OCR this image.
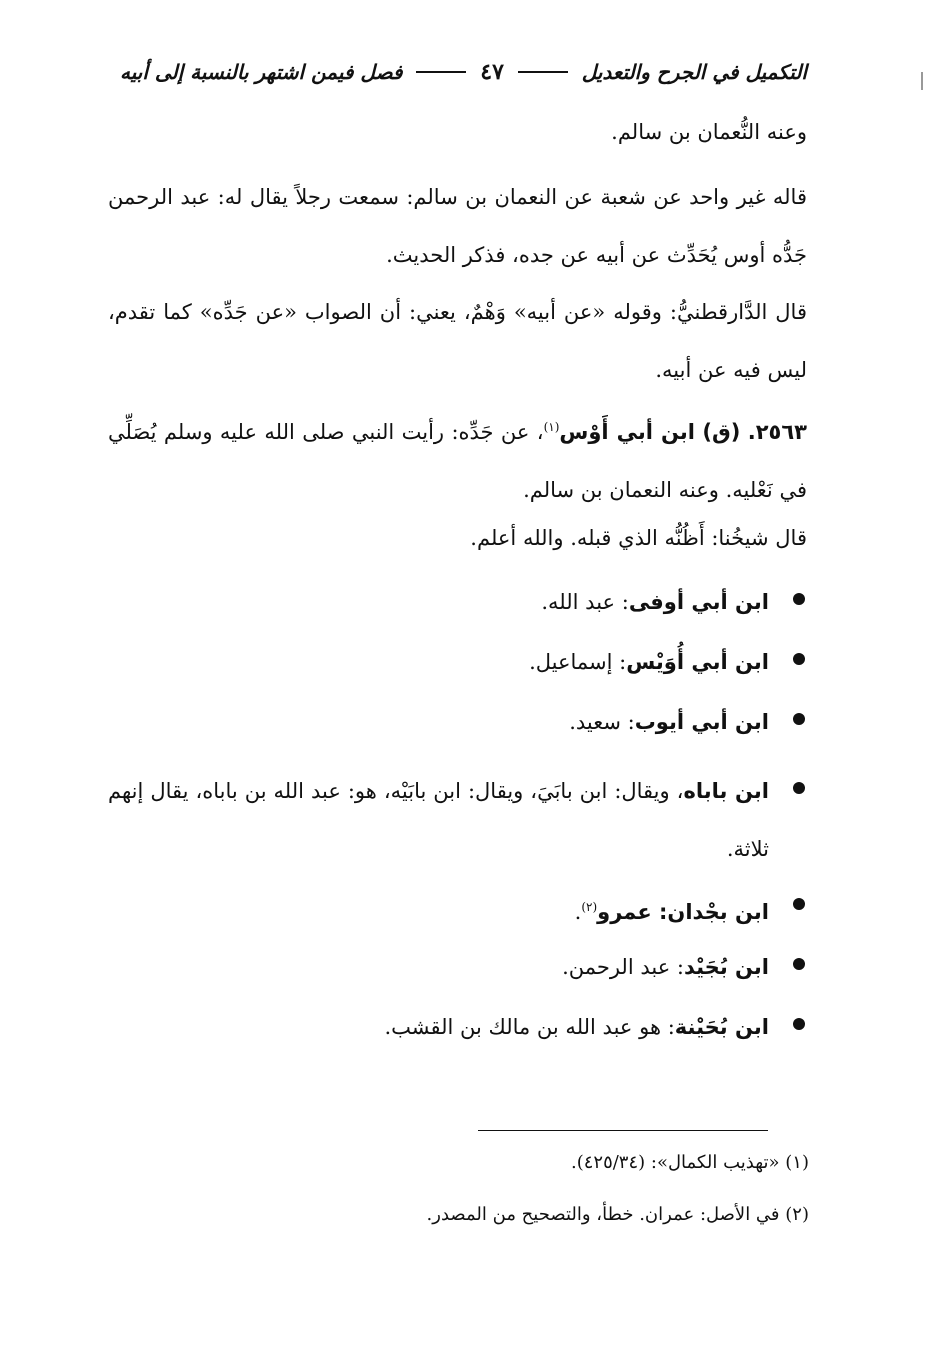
التكميل في الجرح والتعديل
٤٧
فصل فيمن اشتهر بالنسبة إلى أبيه
وعنه النُّعمان بن سالم.
قاله غير واحد عن شعبة عن النعمان بن سالم: سمعت رجلاً يقال له: عبد الرحمن جَدُّه أوس يُحَدِّث عن أبيه عن جده، فذكر الحديث.
قال الدَّارقطنيُّ: وقوله «عن أبيه» وَهْمٌ، يعني: أن الصواب «عن جَدِّه» كما تقدم، ليس فيه عن أبيه.
٢٥٦٣. (ق) ابن أبي أَوْس$^{(١)}$، عن جَدِّه: رأيت النبي صلى الله عليه وسلم يُصَلِّي في نَعْليه. وعنه النعمان بن سالم.
قال شيخُنا: أَظُنُّه الذي قبله. والله أعلم.
ابن أبي أوفى: عبد الله.
ابن أبي أُوَيْس: إسماعيل.
ابن أبي أيوب: سعيد.
ابن باباه، ويقال: ابن بابَيَ، ويقال: ابن بابَيْه، هو: عبد الله بن باباه، يقال إنهم ثلاثة.
ابن بجْدان: عمرو$^{(٢)}$.
ابن بُجَيْد: عبد الرحمن.
ابن بُحَيْنة: هو عبد الله بن مالك بن القشب.
(١) «تهذيب الكمال»: (٤٢٥/٣٤).
(٢) في الأصل: عمران. خطأ، والتصحيح من المصدر.
